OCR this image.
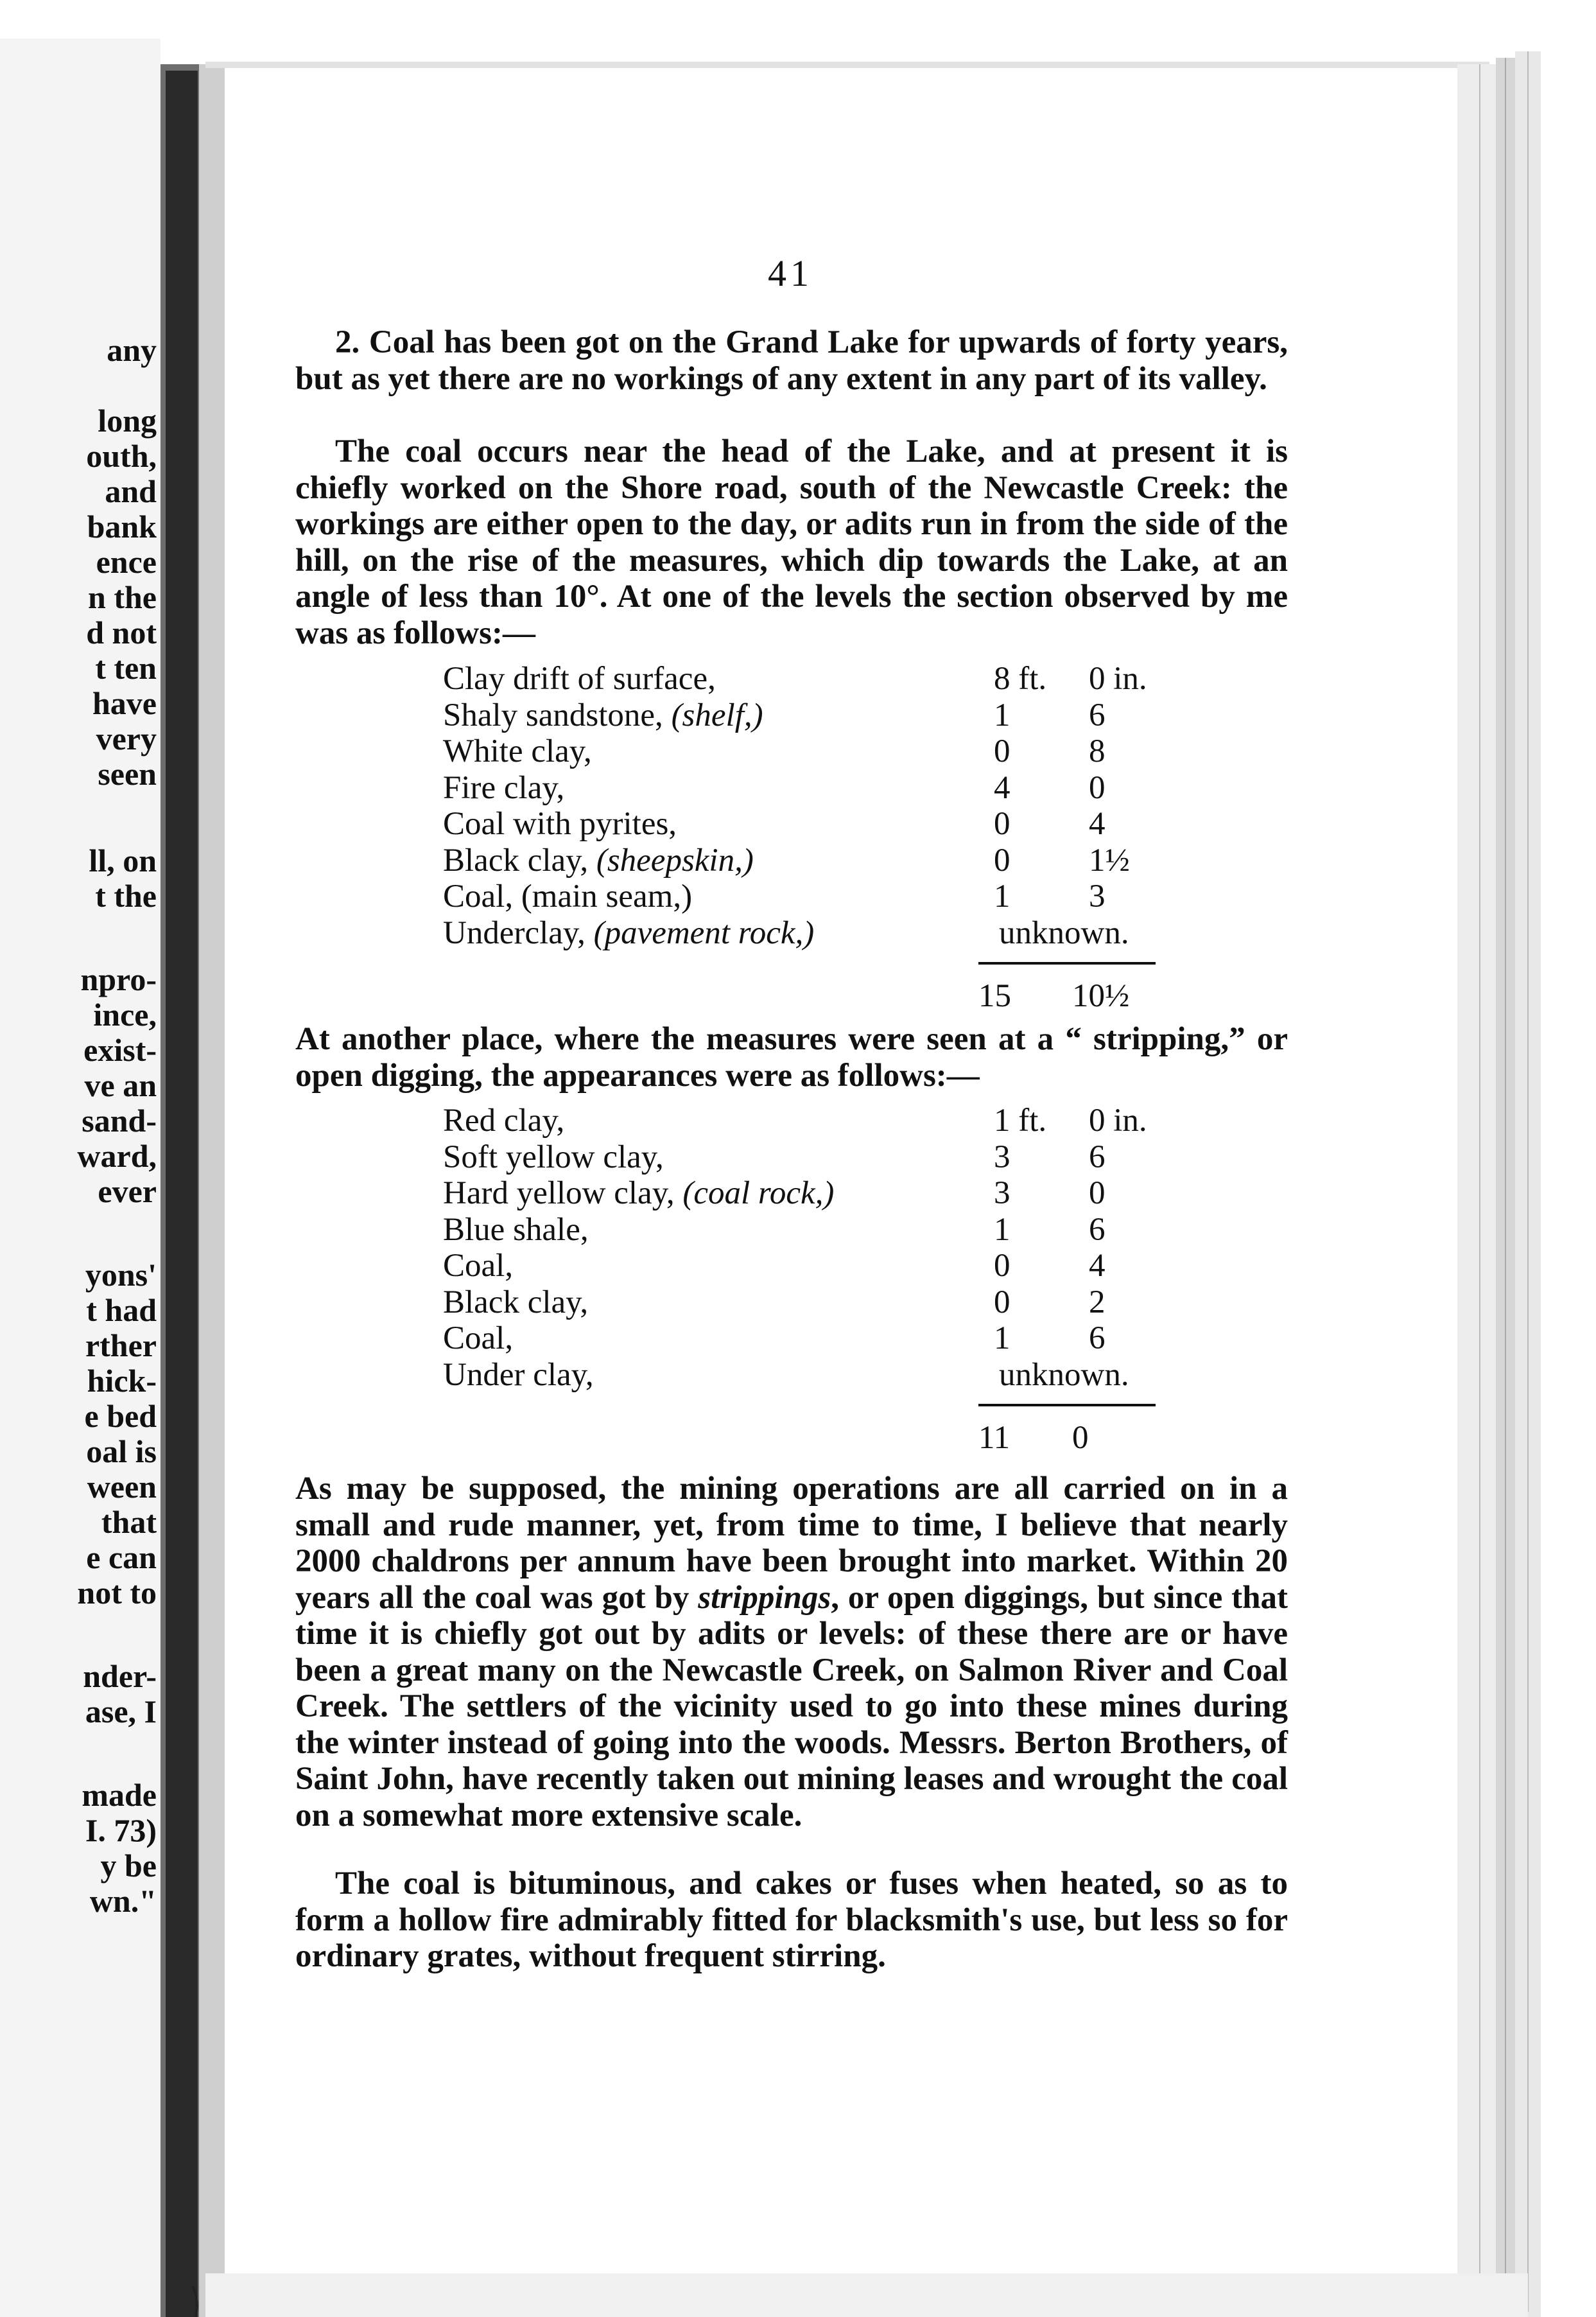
any
long
outh,
and
bank
ence
n the
d not
t ten
have
very
seen
ll, on
t the
npro-
ince,
exist-
ve an
sand-
ward,
ever
yons'
t had
rther
hick-
e bed
oal is
ween
that
e can
not to
nder-
ase, I
made
I. 73)
y be
wn."
41

2. Coal has been got on the Grand Lake for upwards of forty years, but as yet there are no workings of any extent in any part of its valley.

The coal occurs near the head of the Lake, and at present it is chiefly worked on the Shore road, south of the Newcastle Creek: the workings are either open to the day, or adits run in from the side of the hill, on the rise of the measures, which dip towards the Lake, at an angle of less than 10°. At one of the levels the section observed by me was as follows:—

Clay drift of surface,	8 ft.	0 in.
Shaly sandstone, (shelf,)	1	6
White clay,	0	8
Fire clay,	4	0
Coal with pyrites,	0	4
Black clay, (sheepskin,)	0	1½
Coal, (main seam,)	1	3
Underclay, (pavement rock,)	unknown.
15 10½

At another place, where the measures were seen at a “ stripping,” or open digging, the appearances were as follows:—

Red clay,	1 ft.	0 in.
Soft yellow clay,	3	6
Hard yellow clay, (coal rock,)	3	0
Blue shale,	1	6
Coal,	0	4
Black clay,	0	2
Coal,	1	6
Under clay,	unknown.
11 0

As may be supposed, the mining operations are all carried on in a small and rude manner, yet, from time to time, I believe that nearly 2000 chaldrons per annum have been brought into market. Within 20 years all the coal was got by strippings, or open diggings, but since that time it is chiefly got out by adits or levels: of these there are or have been a great many on the Newcastle Creek, on Salmon River and Coal Creek. The settlers of the vicinity used to go into these mines during the winter instead of going into the woods. Messrs. Berton Brothers, of Saint John, have recently taken out mining leases and wrought the coal on a somewhat more extensive scale.

The coal is bituminous, and cakes or fuses when heated, so as to form a hollow fire admirably fitted for blacksmith's use, but less so for ordinary grates, without frequent stirring.
